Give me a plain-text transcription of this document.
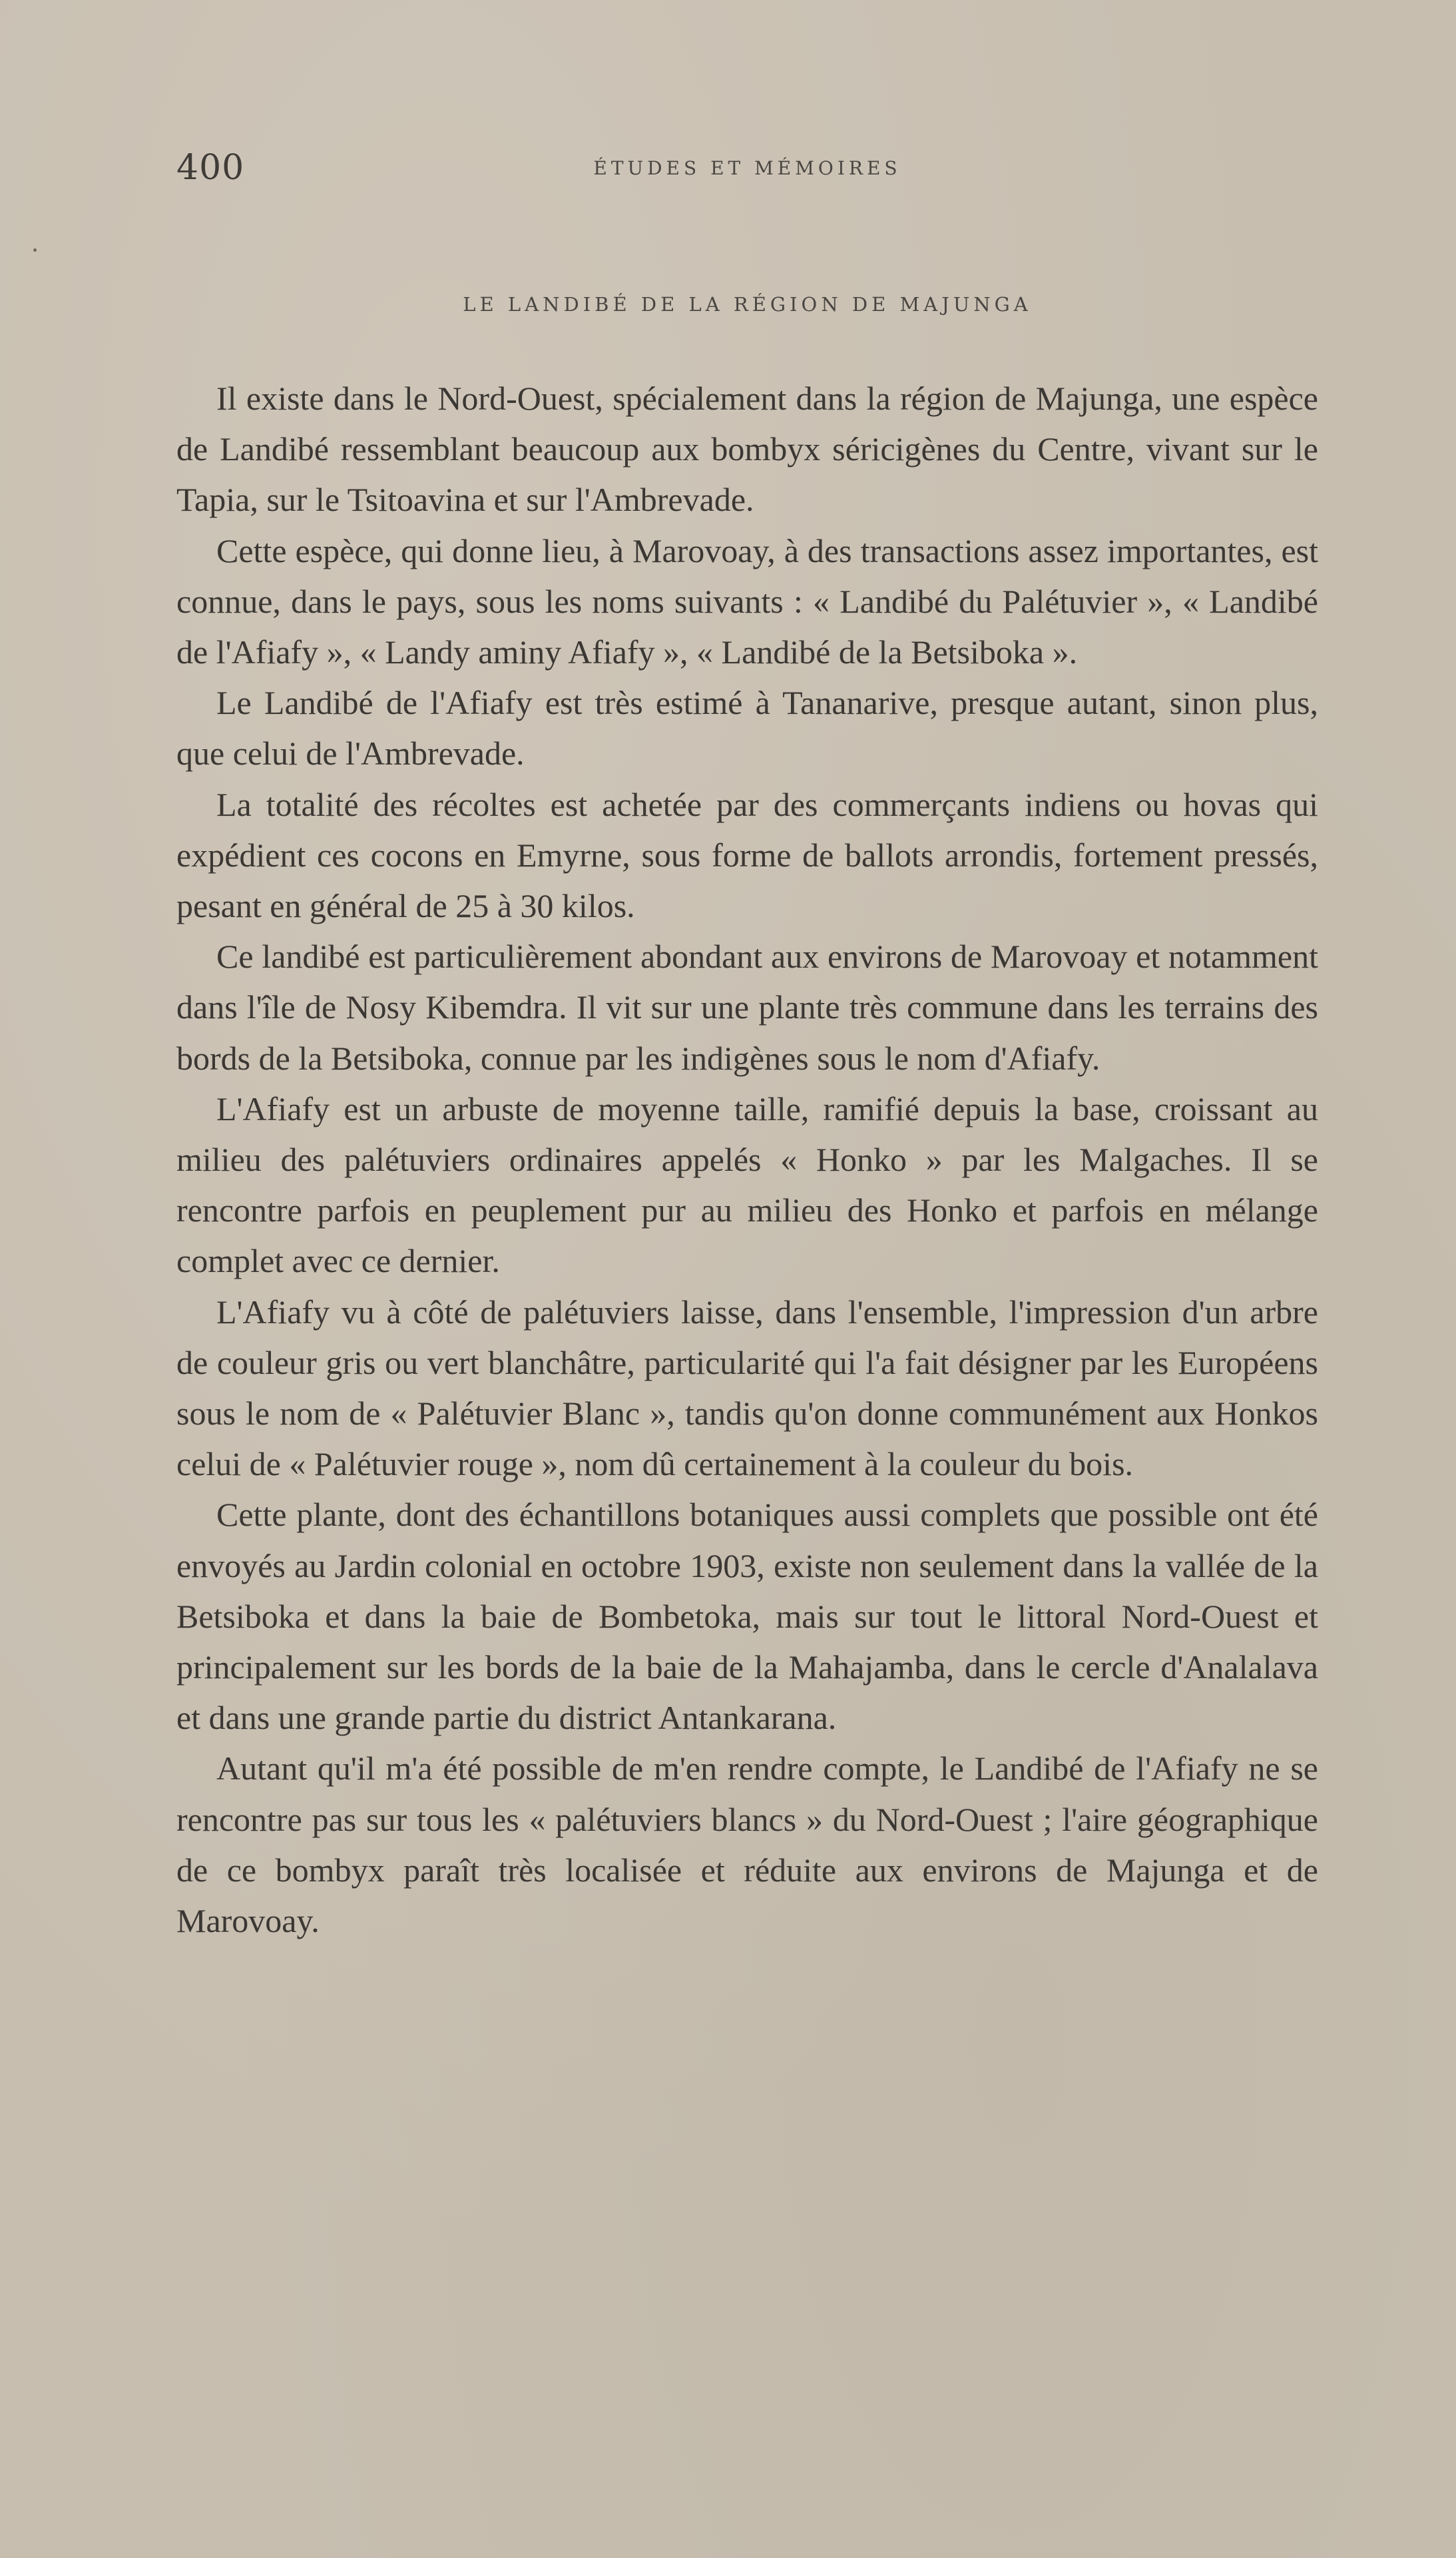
400	ÉTUDES ET MÉMOIRES
LE LANDIBÉ DE LA RÉGION DE MAJUNGA

Il existe dans le Nord-Ouest, spécialement dans la région de Majunga, une espèce de Landibé ressemblant beaucoup aux bombyx séricigènes du Centre, vivant sur le Tapia, sur le Tsitoavina et sur l'Ambrevade.

Cette espèce, qui donne lieu, à Marovoay, à des transactions assez importantes, est connue, dans le pays, sous les noms suivants : « Landibé du Palétuvier », « Landibé de l'Afiafy », « Landy aminy Afiafy », « Landibé de la Betsiboka ».

Le Landibé de l'Afiafy est très estimé à Tananarive, presque autant, sinon plus, que celui de l'Ambrevade.

La totalité des récoltes est achetée par des commerçants indiens ou hovas qui expédient ces cocons en Emyrne, sous forme de ballots arrondis, fortement pressés, pesant en général de 25 à 30 kilos.

Ce landibé est particulièrement abondant aux environs de Marovoay et notamment dans l'île de Nosy Kibemdra. Il vit sur une plante très commune dans les terrains des bords de la Betsiboka, connue par les indigènes sous le nom d'Afiafy.

L'Afiafy est un arbuste de moyenne taille, ramifié depuis la base, croissant au milieu des palétuviers ordinaires appelés « Honko » par les Malgaches. Il se rencontre parfois en peuplement pur au milieu des Honko et parfois en mélange complet avec ce dernier.

L'Afiafy vu à côté de palétuviers laisse, dans l'ensemble, l'impression d'un arbre de couleur gris ou vert blanchâtre, particularité qui l'a fait désigner par les Européens sous le nom de « Palétuvier Blanc », tandis qu'on donne communément aux Honkos celui de « Palétuvier rouge », nom dû certainement à la couleur du bois.

Cette plante, dont des échantillons botaniques aussi complets que possible ont été envoyés au Jardin colonial en octobre 1903, existe non seulement dans la vallée de la Betsiboka et dans la baie de Bombetoka, mais sur tout le littoral Nord-Ouest et principalement sur les bords de la baie de la Mahajamba, dans le cercle d'Analalava et dans une grande partie du district Antankarana.

Autant qu'il m'a été possible de m'en rendre compte, le Landibé de l'Afiafy ne se rencontre pas sur tous les « palétuviers blancs » du Nord-Ouest ; l'aire géographique de ce bombyx paraît très localisée et réduite aux environs de Majunga et de Marovoay.
